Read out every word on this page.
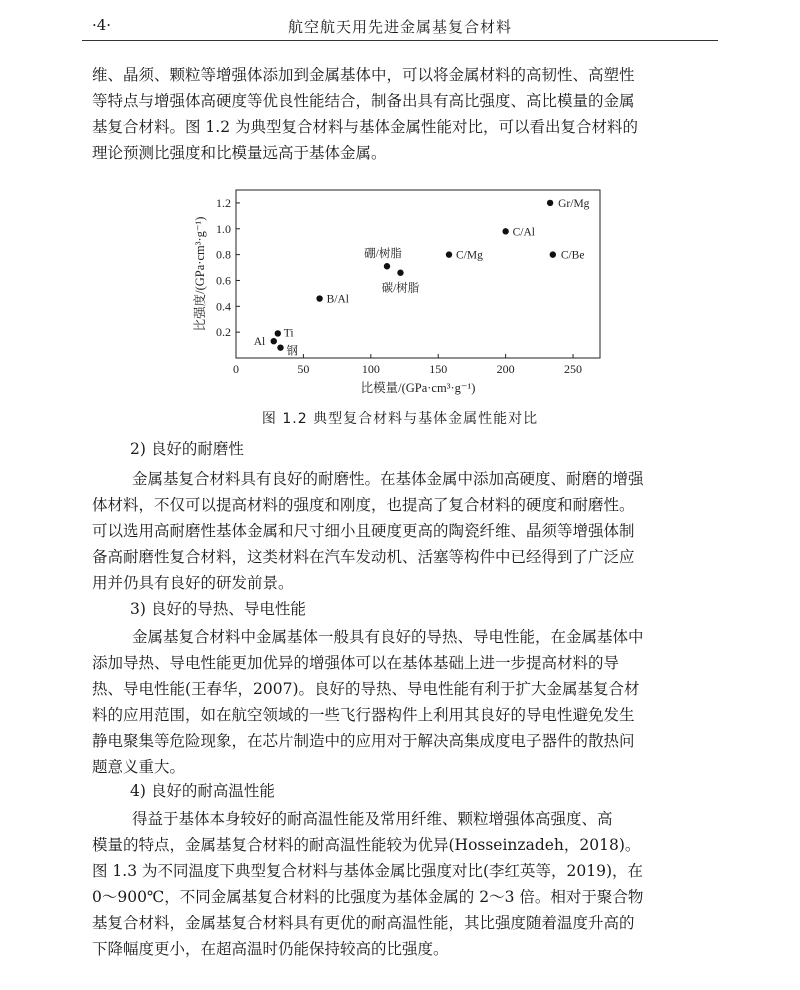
·4·	航空航天用先进金属基复合材料
维、晶须、颗粒等增强体添加到金属基体中，可以将金属材料的高韧性、高塑性
等特点与增强体高硬度等优良性能结合，制备出具有高比强度、高比模量的金属
基复合材料。图 1.2 为典型复合材料与基体金属性能对比，可以看出复合材料的
理论预测比强度和比模量远高于基体金属。
0	50	100	150	200	250
0.2
0.4
0.6
0.8
1.0
1.2
比模量/(GPa·cm³·g⁻¹)
比强度/(GPa·cm³·g⁻¹)
Al
Ti
钢
B/Al
硼/树脂
碳/树脂
C/Mg
C/Al
Gr/Mg
C/Be
图 1.2 典型复合材料与基体金属性能对比
2) 良好的耐磨性
金属基复合材料具有良好的耐磨性。在基体金属中添加高硬度、耐磨的增强
体材料，不仅可以提高材料的强度和刚度，也提高了复合材料的硬度和耐磨性。
可以选用高耐磨性基体金属和尺寸细小且硬度更高的陶瓷纤维、晶须等增强体制
备高耐磨性复合材料，这类材料在汽车发动机、活塞等构件中已经得到了广泛应
用并仍具有良好的研发前景。
3) 良好的导热、导电性能
金属基复合材料中金属基体一般具有良好的导热、导电性能，在金属基体中
添加导热、导电性能更加优异的增强体可以在基体基础上进一步提高材料的导
热、导电性能(王春华，2007)。良好的导热、导电性能有利于扩大金属基复合材
料的应用范围，如在航空领域的一些飞行器构件上利用其良好的导电性避免发生
静电聚集等危险现象，在芯片制造中的应用对于解决高集成度电子器件的散热问
题意义重大。
4) 良好的耐高温性能
得益于基体本身较好的耐高温性能及常用纤维、颗粒增强体高强度、高
模量的特点，金属基复合材料的耐高温性能较为优异(Hosseinzadeh，2018)。
图 1.3 为不同温度下典型复合材料与基体金属比强度对比(李红英等，2019)，在
0～900℃，不同金属基复合材料的比强度为基体金属的 2～3 倍。相对于聚合物
基复合材料，金属基复合材料具有更优的耐高温性能，其比强度随着温度升高的
下降幅度更小，在超高温时仍能保持较高的比强度。
